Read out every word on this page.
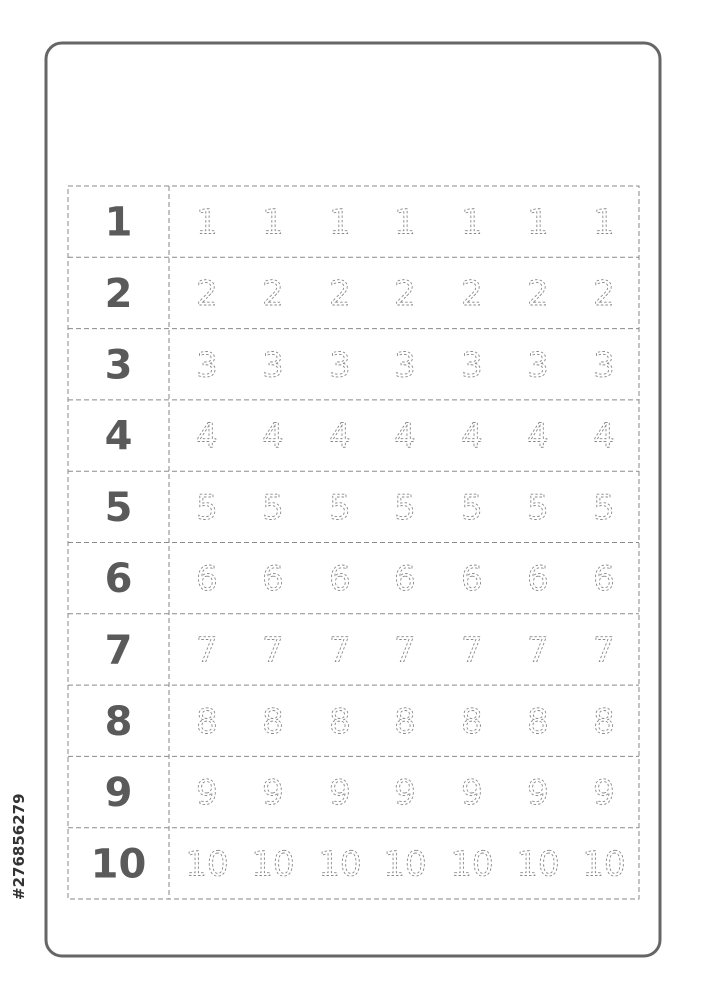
1 1 1 1 1 1 1 1
2 2 2 2 2 2 2 2
3 3 3 3 3 3 3 3
4 4 4 4 4 4 4 4
5 5 5 5 5 5 5 5
6 6 6 6 6 6 6 6
7 7 7 7 7 7 7 7
8 8 8 8 8 8 8 8
9 9 9 9 9 9 9 9
10 10 10 10 10 10 10 10
#276856279
